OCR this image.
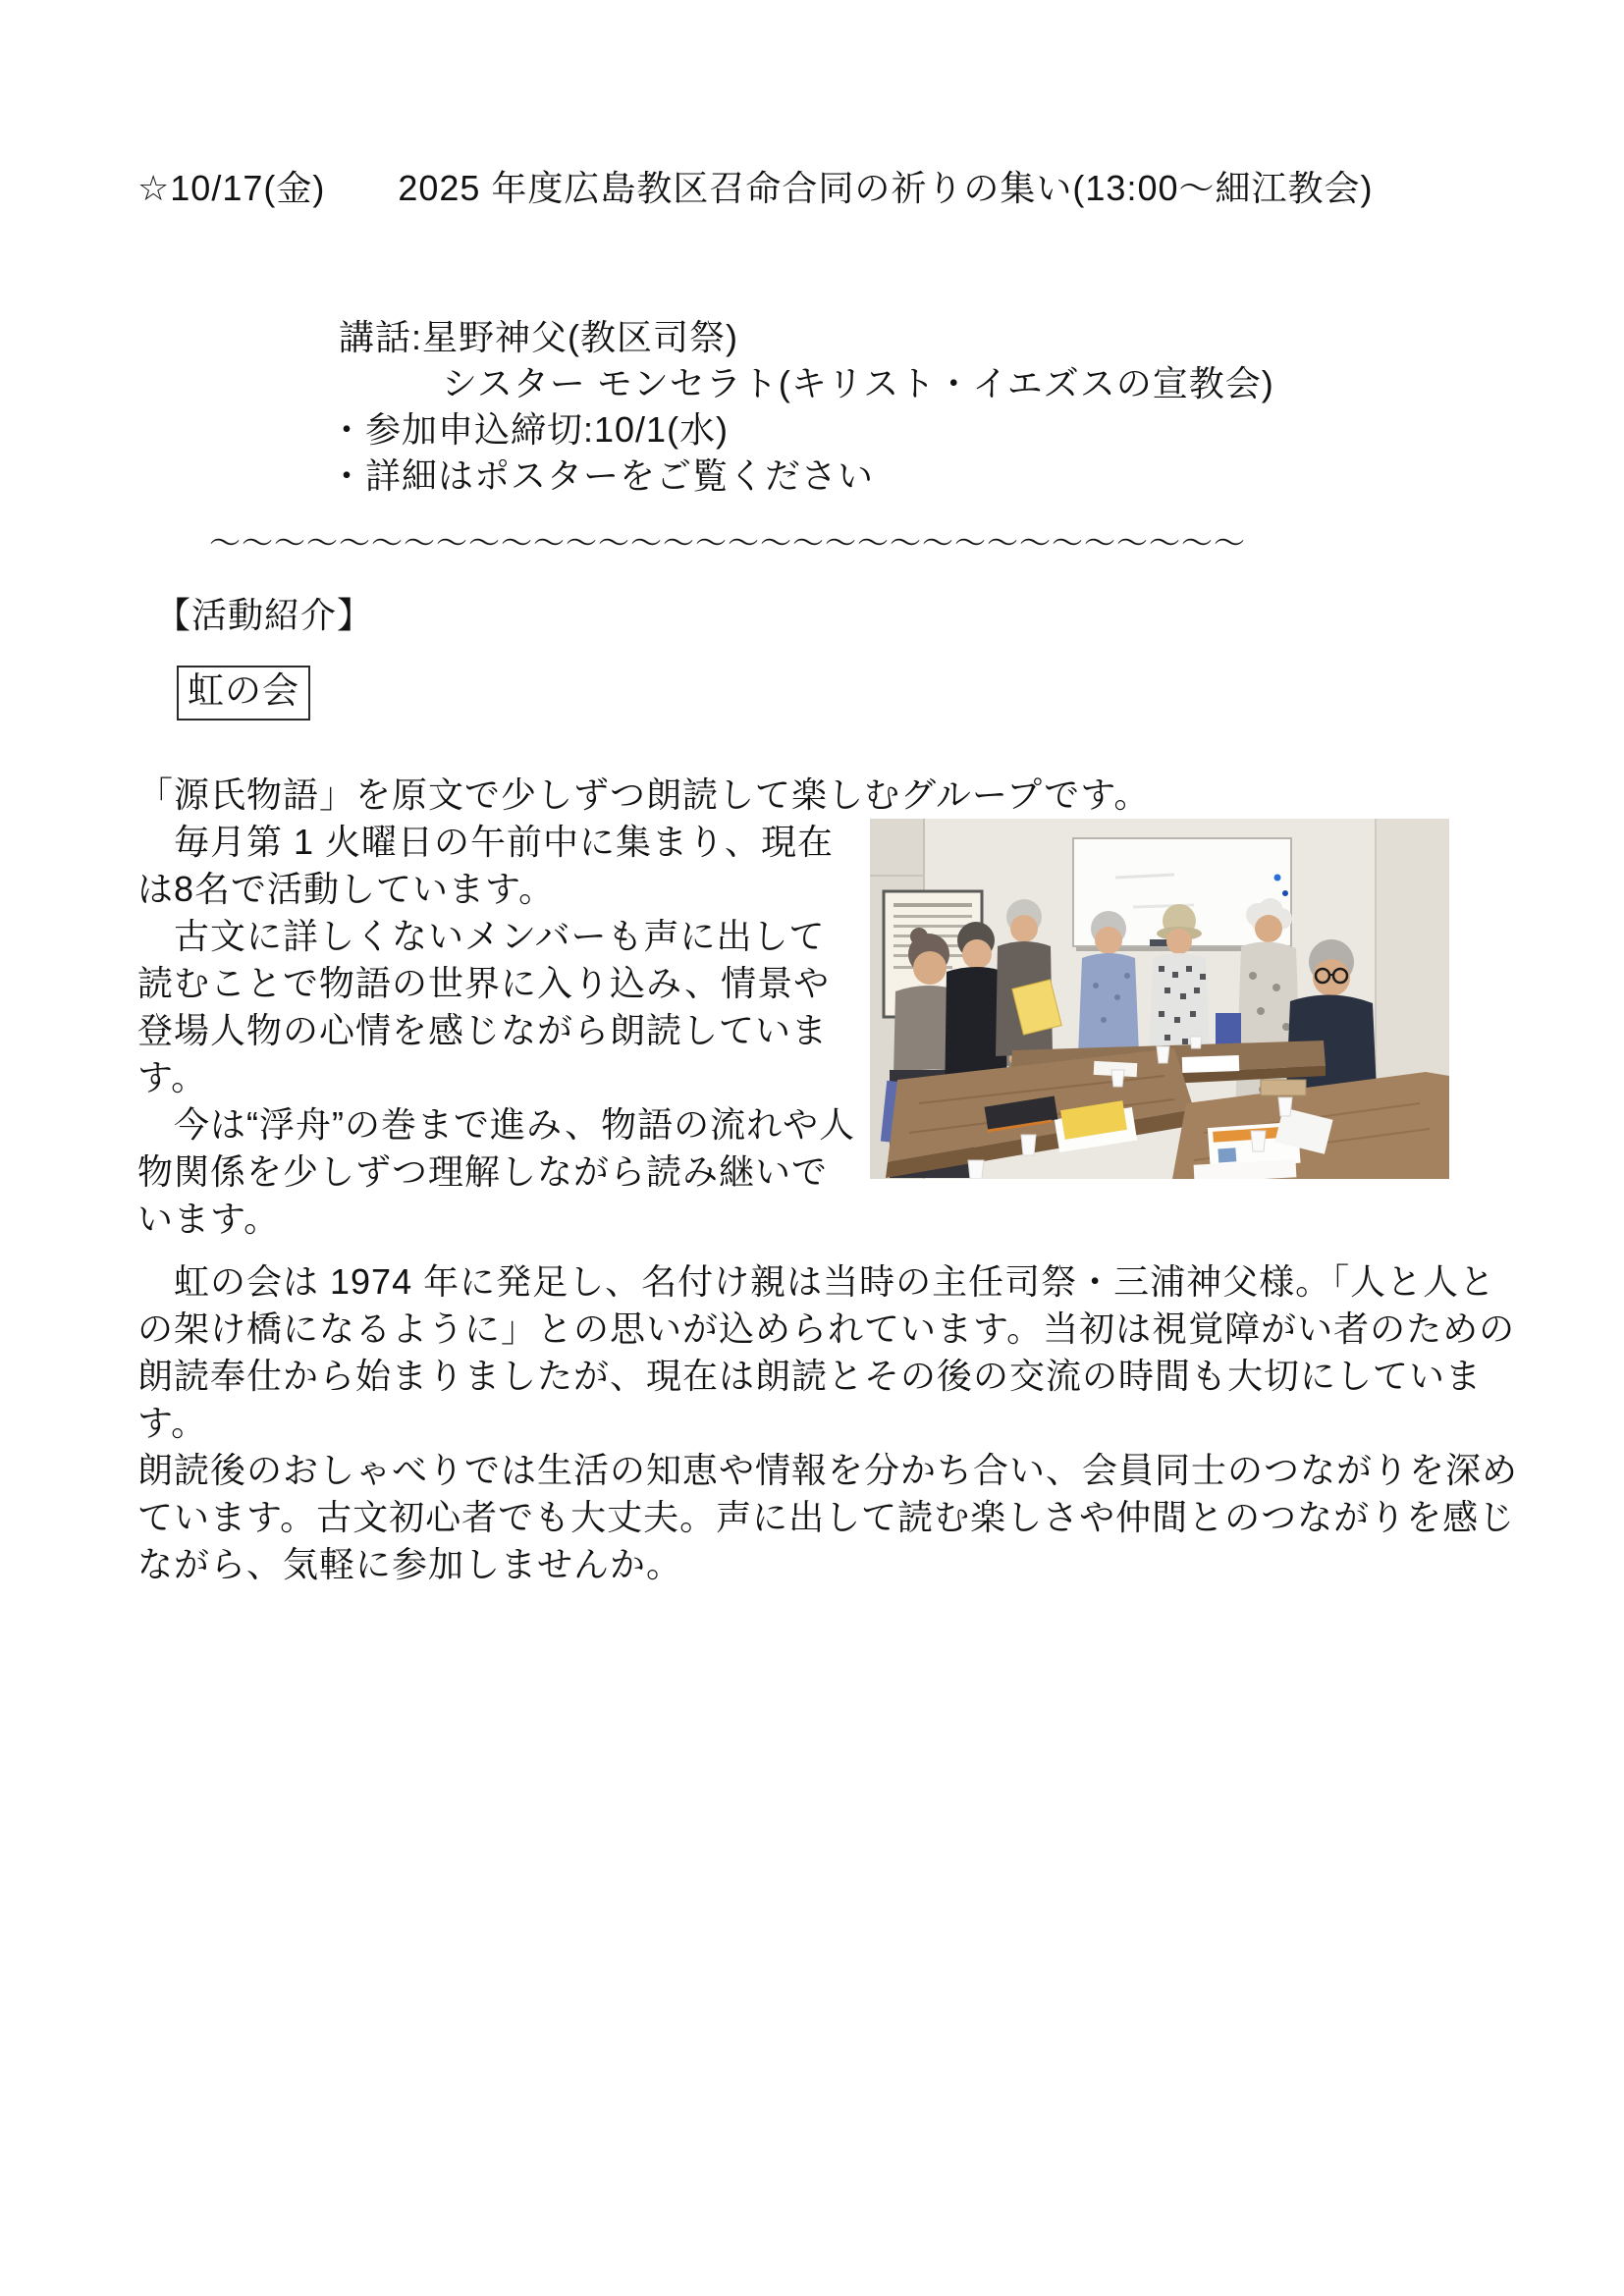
☆10/17(金)　　2025 年度広島教区召命合同の祈りの集い(13:00〜細江教会)
講話:星野神父(教区司祭)
シスター モンセラト(キリスト・イエズスの宣教会)
・参加申込締切:10/1(水)
・詳細はポスターをご覧ください
〜〜〜〜〜〜〜〜〜〜〜〜〜〜〜〜〜〜〜〜〜〜〜〜〜〜〜〜〜〜〜〜
【活動紹介】
虹の会

「源氏物語」を原文で少しずつ朗読して楽しむグループです。

　毎月第 1 火曜日の午前中に集まり、現在は8名で活動しています。

　古文に詳しくないメンバーも声に出して読むことで物語の世界に入り込み、情景や登場人物の心情を感じながら朗読しています。

　今は“浮舟”の巻まで進み、物語の流れや人物関係を少しずつ理解しながら読み継いでいます。

　虹の会は 1974 年に発足し、名付け親は当時の主任司祭・三浦神父様。「人と人との架け橋になるように」との思いが込められています。当初は視覚障がい者のための朗読奉仕から始まりましたが、現在は朗読とその後の交流の時間も大切にしています。

朗読後のおしゃべりでは生活の知恵や情報を分かち合い、会員同士のつながりを深めています。古文初心者でも大丈夫。声に出して読む楽しさや仲間とのつながりを感じながら、気軽に参加しませんか。
